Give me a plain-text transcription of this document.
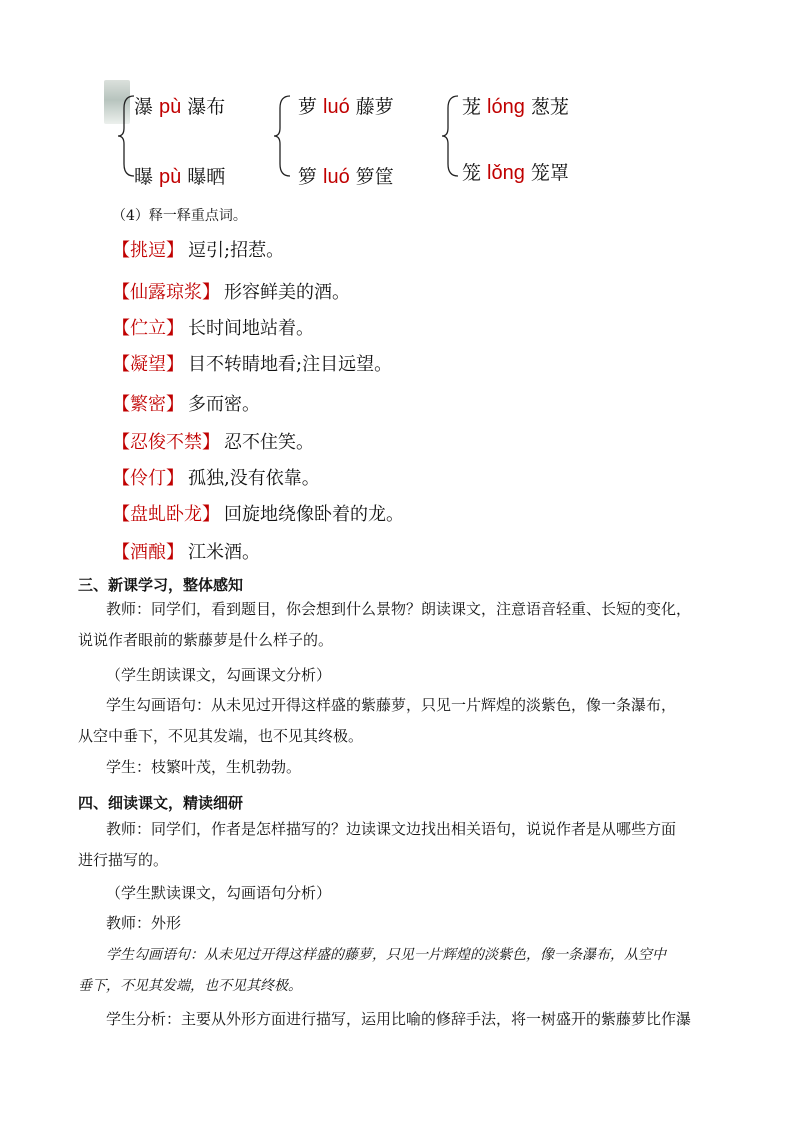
瀑 pù 瀑布
曝 pù 曝晒
萝 luó 藤萝
箩 luó 箩筐
茏 lóng 葱茏
笼 lǒng 笼罩
（4）释一释重点词。
【挑逗】 逗引;招惹。
【仙露琼浆】 形容鲜美的酒。
【伫立】 长时间地站着。
【凝望】 目不转睛地看;注目远望。
【繁密】 多而密。
【忍俊不禁】 忍不住笑。
【伶仃】 孤独,没有依靠。
【盘虬卧龙】 回旋地绕像卧着的龙。
【酒酿】 江米酒。
三、新课学习，整体感知
教师：同学们，看到题目，你会想到什么景物？朗读课文，注意语音轻重、长短的变化，
说说作者眼前的紫藤萝是什么样子的。
（学生朗读课文，勾画课文分析）
学生勾画语句：从未见过开得这样盛的紫藤萝，只见一片辉煌的淡紫色，像一条瀑布，
从空中垂下，不见其发端，也不见其终极。
学生：枝繁叶茂，生机勃勃。
四、细读课文，精读细研
教师：同学们，作者是怎样描写的？边读课文边找出相关语句，说说作者是从哪些方面
进行描写的。
（学生默读课文，勾画语句分析）
教师：外形
学生勾画语句：从未见过开得这样盛的藤萝，只见一片辉煌的淡紫色，像一条瀑布，从空中
垂下，不见其发端，也不见其终极。
学生分析：主要从外形方面进行描写，运用比喻的修辞手法，将一树盛开的紫藤萝比作瀑
